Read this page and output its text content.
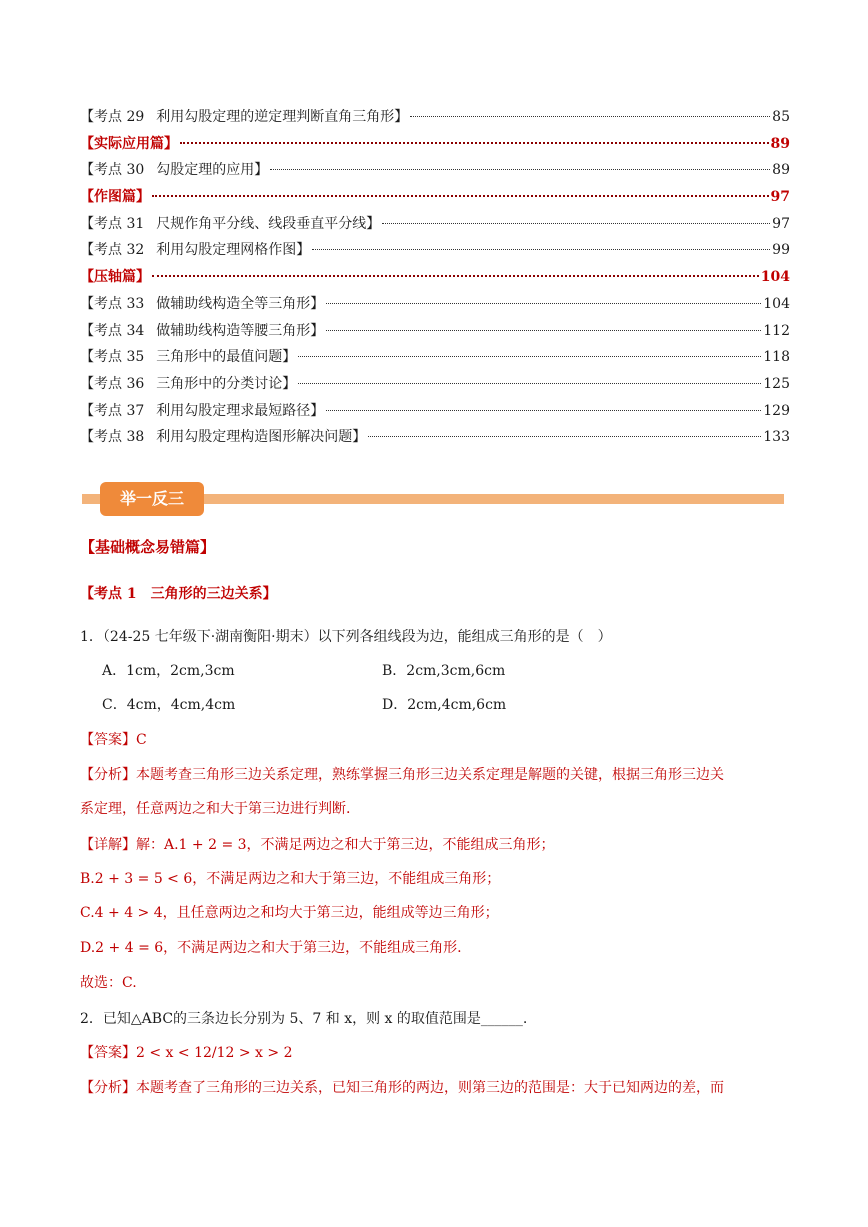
【考点 29 利用勾股定理的逆定理判断直角三角形】	85
【实际应用篇】	89
【考点 30 勾股定理的应用】	89
【作图篇】	97
【考点 31 尺规作角平分线、线段垂直平分线】	97
【考点 32 利用勾股定理网格作图】	99
【压轴篇】	104
【考点 33 做辅助线构造全等三角形】	104
【考点 34 做辅助线构造等腰三角形】	112
【考点 35 三角形中的最值问题】	118
【考点 36 三角形中的分类讨论】	125
【考点 37 利用勾股定理求最短路径】	129
【考点 38 利用勾股定理构造图形解决问题】	133
举一反三
【基础概念易错篇】
【考点 1 三角形的三边关系】
1．（24-25 七年级下·湖南衡阳·期末）以下列各组线段为边，能组成三角形的是（　）
A．1cm，2cm,3cm	B．2cm,3cm,6cm
C．4cm，4cm,4cm	D．2cm,4cm,6cm
【答案】C
【分析】本题考查三角形三边关系定理，熟练掌握三角形三边关系定理是解题的关键，根据三角形三边关
系定理，任意两边之和大于第三边进行判断.
【详解】解：A.1 + 2 = 3，不满足两边之和大于第三边，不能组成三角形；
B.2 + 3 = 5 < 6，不满足两边之和大于第三边，不能组成三角形；
C.4 + 4 > 4，且任意两边之和均大于第三边，能组成等边三角形；
D.2 + 4 = 6，不满足两边之和大于第三边，不能组成三角形.
故选：C.
2．已知△ABC的三条边长分别为 5、7 和 x，则 x 的取值范围是______.
【答案】2 < x < 12/12 > x > 2
【分析】本题考查了三角形的三边关系，已知三角形的两边，则第三边的范围是：大于已知两边的差，而
